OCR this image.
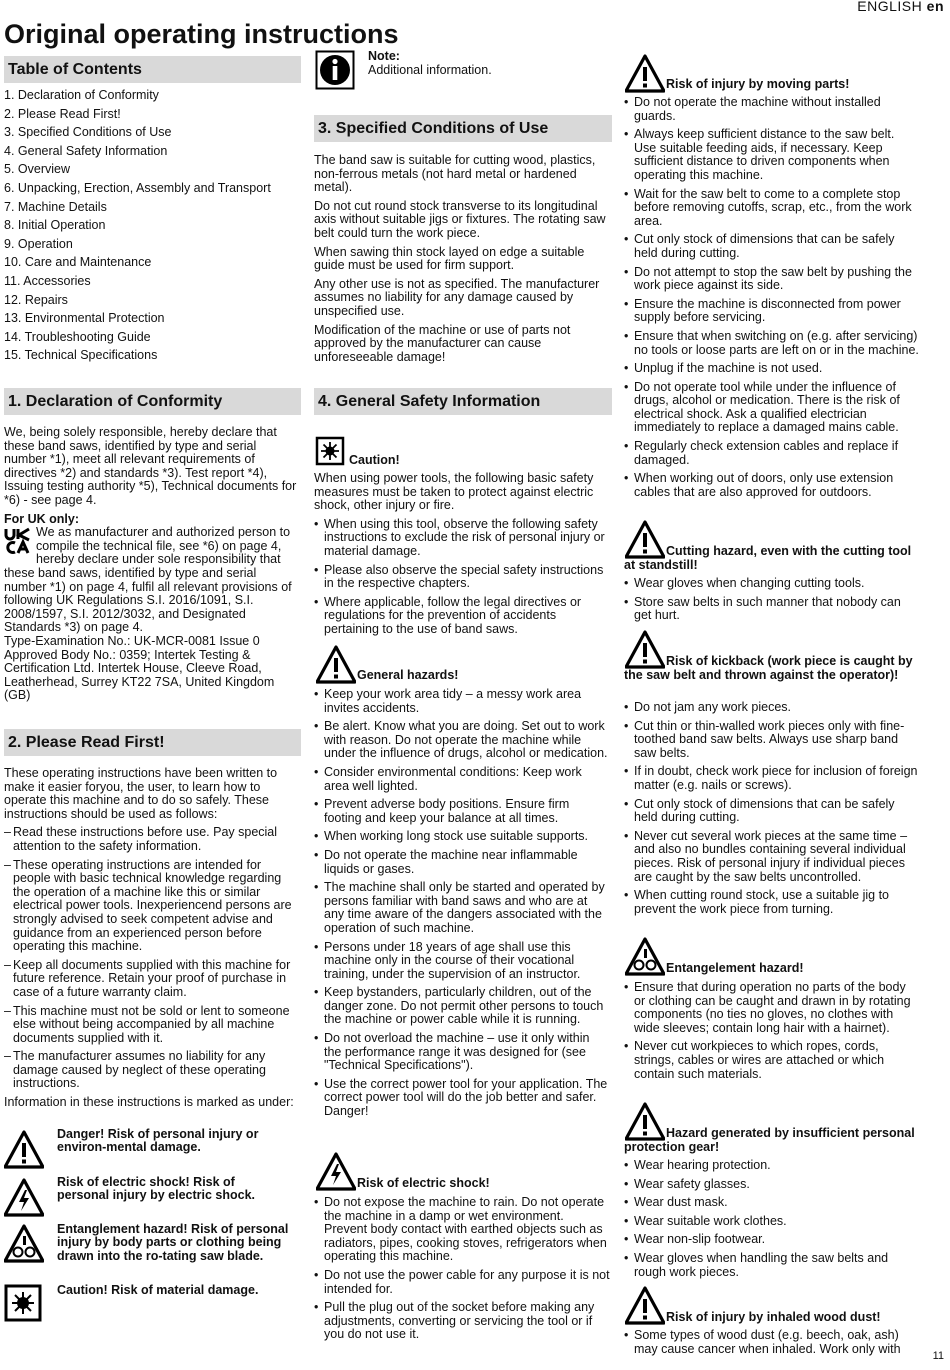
ENGLISH en
Original operating instructions
11
Table of Contents
1. Declaration of Conformity
2. Please Read First!
3. Specified Conditions of Use
4. General Safety Information
5. Overview
6. Unpacking, Erection, Assembly and Transport
7. Machine Details
8. Initial Operation
9. Operation
10. Care and Maintenance
11. Accessories
12. Repairs
13. Environmental Protection
14. Troubleshooting Guide
15. Technical Specifications
1. Declaration of Conformity

We, being solely responsible, hereby declare that these band saws, identified by type and serial number *1), meet all relevant requirements of directives *2) and standards *3). Test report *4), Issuing testing authority *5), Technical documents for *6) - see page 4.

For UK only:

We as manufacturer and authorized person to compile the technical file, see *6) on page 4, hereby declare under sole responsibility that these band saws, identified by type and serial number *1) on page 4, fulfil all relevant provisions of following UK Regulations S.I. 2016/1091, S.I. 2008/1597, S.I. 2012/3032, and Designated Standards *3) on page 4.

Type-Examination No.: UK-MCR-0081 Issue 0 Approved Body No.: 0359; Intertek Testing & Certification Ltd. Intertek House, Cleeve Road, Leatherhead, Surrey KT22 7SA, United Kingdom (GB)

2. Please Read First!

These operating instructions have been written to make it easier foryou, the user, to learn how to operate this machine and to do so safely. These instructions should be used as follows:

– Read these instructions before use. Pay special attention to the safety information.
– These operating instructions are intended for people with basic technical knowledge regarding the operation of a machine like this or similar electrical power tools. Inexperiencend persons are strongly advised to seek competent advise and guidance from an experienced person before operating this machine.
– Keep all documents supplied with this machine for future reference. Retain your proof of purchase in case of a future warranty claim.
– This machine must not be sold or lent to someone else without being accompanied by all machine documents supplied with it.
– The manufacturer assumes no liability for any damage caused by neglect of these operating instructions.

Information in these instructions is marked as under:

Danger! Risk of personal injury or environ-mental damage.
Risk of electric shock! Risk of personal injury by electric shock.
Entanglement hazard! Risk of personal injury by body parts or clothing being drawn into the ro-tating saw blade.
Caution! Risk of material damage.
Note:
Additional information.
3. Specified Conditions of Use

The band saw is suitable for cutting wood, plastics, non-ferrous metals (not hard metal or hardened metal).

Do not cut round stock transverse to its longitudinal axis without suitable jigs or fixtures. The rotating saw belt could turn the work piece.

When sawing thin stock layed on edge a suitable guide must be used for firm support.

Any other use is not as specified. The manufacturer assumes no liability for any damage caused by unspecified use.

Modification of the machine or use of parts not approved by the manufacturer can cause unforeseeable damage!

4. General Safety Information
Caution!

When using power tools, the following basic safety measures must be taken to protect against electric shock, other injury or fire.

• When using this tool, observe the following safety instructions to exclude the risk of personal injury or material damage.
• Please also observe the special safety instructions in the respective chapters.
• Where applicable, follow the legal directives or regulations for the prevention of accidents pertaining to the use of band saws.
General hazards!
• Keep your work area tidy – a messy work area invites accidents.
• Be alert. Know what you are doing. Set out to work with reason. Do not operate the machine while under the influence of drugs, alcohol or medication.
• Consider environmental conditions: Keep work area well lighted.
• Prevent adverse body positions. Ensure firm footing and keep your balance at all times.
• When working long stock use suitable supports.
• Do not operate the machine near inflammable liquids or gases.
• The machine shall only be started and operated by persons familiar with band saws and who are at any time aware of the dangers associated with the operation of such machine.
• Persons under 18 years of age shall use this machine only in the course of their vocational training, under the supervision of an instructor.
• Keep bystanders, particularly children, out of the danger zone. Do not permit other persons to touch the machine or power cable while it is running.
• Do not overload the machine – use it only within the performance range it was designed for (see "Technical Specifications").
• Use the correct power tool for your application. The correct power tool will do the job better and safer. Danger!
Risk of electric shock!
• Do not expose the machine to rain. Do not operate the machine in a damp or wet environment. Prevent body contact with earthed objects such as radiators, pipes, cooking stoves, refrigerators when operating this machine.
• Do not use the power cable for any purpose it is not intended for.
• Pull the plug out of the socket before making any adjustments, converting or servicing the tool or if you do not use it.
Risk of injury by moving parts!
• Do not operate the machine without installed guards.
• Always keep sufficient distance to the saw belt. Use suitable feeding aids, if necessary. Keep sufficient distance to driven components when operating this machine.
• Wait for the saw belt to come to a complete stop before removing cutoffs, scrap, etc., from the work area.
• Cut only stock of dimensions that can be safely held during cutting.
• Do not attempt to stop the saw belt by pushing the work piece against its side.
• Ensure the machine is disconnected from power supply before servicing.
• Ensure that when switching on (e.g. after servicing) no tools or loose parts are left on or in the machine.
• Unplug if the machine is not used.
• Do not operate tool while under the influence of drugs, alcohol or medication. There is the risk of electrical shock. Ask a qualified electrician immediately to replace a damaged mains cable.
• Regularly check extension cables and replace if damaged.
• When working out of doors, only use extension cables that are also approved for outdoors.
Cutting hazard, even with the cutting tool at standstill!
• Wear gloves when changing cutting tools.
• Store saw belts in such manner that nobody can get hurt.
Risk of kickback (work piece is caught by the saw belt and thrown against the operator)!
• Do not jam any work pieces.
• Cut thin or thin-walled work pieces only with fine-toothed band saw belts. Always use sharp band saw belts.
• If in doubt, check work piece for inclusion of foreign matter (e.g. nails or screws).
• Cut only stock of dimensions that can be safely held during cutting.
• Never cut several work pieces at the same time – and also no bundles containing several individual pieces. Risk of personal injury if individual pieces are caught by the saw belts uncontrolled.
• When cutting round stock, use a suitable jig to prevent the work piece from turning.
Entangelement hazard!
• Ensure that during operation no parts of the body or clothing can be caught and drawn in by rotating components (no ties no gloves, no clothes with wide sleeves; contain long hair with a hairnet).
• Never cut workpieces to which ropes, cords, strings, cables or wires are attached or which contain such materials.
Hazard generated by insufficient personal protection gear!
• Wear hearing protection.
• Wear safety glasses.
• Wear dust mask.
• Wear suitable work clothes.
• Wear non-slip footwear.
• Wear gloves when handling the saw belts and rough work pieces.
Risk of injury by inhaled wood dust!
• Some types of wood dust (e.g. beech, oak, ash) may cause cancer when inhaled. Work only with
